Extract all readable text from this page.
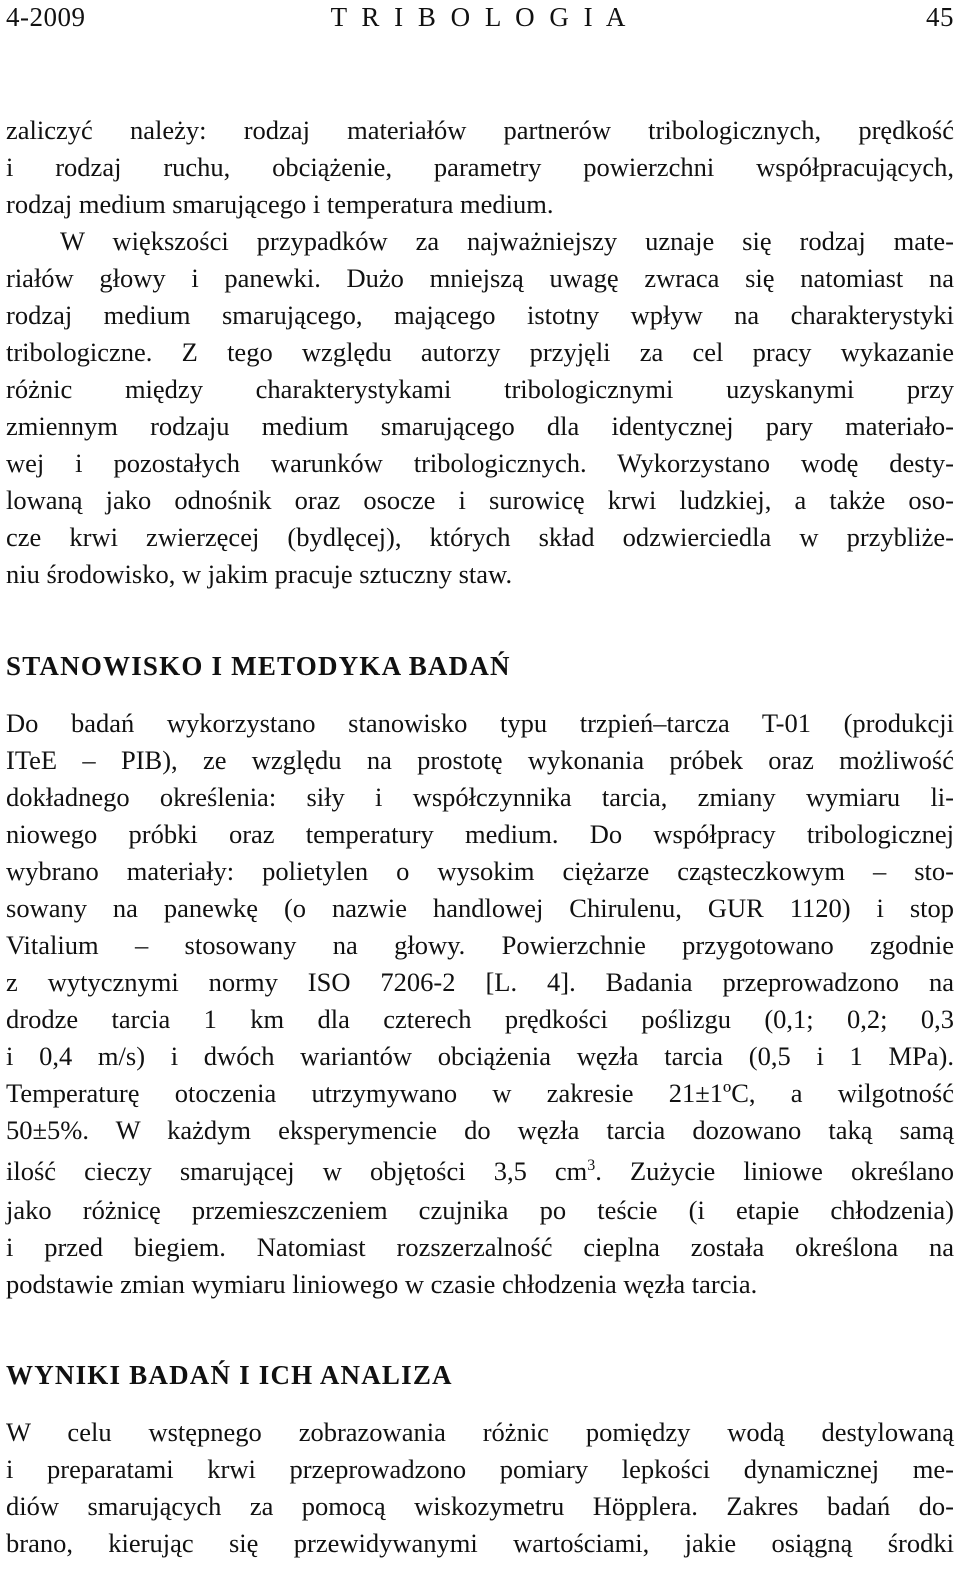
4-2009	T R I B O L O G I A	45
zaliczyć należy: rodzaj materiałów partnerów tribologicznych, prędkość
i rodzaj ruchu, obciążenie, parametry powierzchni współpracujących,
rodzaj medium smarującego i temperatura medium.
W większości przypadków za najważniejszy uznaje się rodzaj mate-
riałów głowy i panewki. Dużo mniejszą uwagę zwraca się natomiast na
rodzaj medium smarującego, mającego istotny wpływ na charakterystyki
tribologiczne. Z tego względu autorzy przyjęli za cel pracy wykazanie
różnic między charakterystykami tribologicznymi uzyskanymi przy
zmiennym rodzaju medium smarującego dla identycznej pary materiało-
wej i pozostałych warunków tribologicznych. Wykorzystano wodę desty-
lowaną jako odnośnik oraz osocze i surowicę krwi ludzkiej, a także oso-
cze krwi zwierzęcej (bydlęcej), których skład odzwierciedla w przybliże-
niu środowisko, w jakim pracuje sztuczny staw.
STANOWISKO I METODYKA BADAŃ
Do badań wykorzystano stanowisko typu trzpień–tarcza T-01 (produkcji
ITeE – PIB), ze względu na prostotę wykonania próbek oraz możliwość
dokładnego określenia: siły i współczynnika tarcia, zmiany wymiaru li-
niowego próbki oraz temperatury medium. Do współpracy tribologicznej
wybrano materiały: polietylen o wysokim ciężarze cząsteczkowym – sto-
sowany na panewkę (o nazwie handlowej Chirulenu, GUR 1120) i stop
Vitalium – stosowany na głowy. Powierzchnie przygotowano zgodnie
z wytycznymi normy ISO 7206-2 [L. 4]. Badania przeprowadzono na
drodze tarcia 1 km dla czterech prędkości poślizgu (0,1; 0,2; 0,3
i 0,4 m/s) i dwóch wariantów obciążenia węzła tarcia (0,5 i 1 MPa).
Temperaturę otoczenia utrzymywano w zakresie 21±1ºC, a wilgotność
50±5%. W każdym eksperymencie do węzła tarcia dozowano taką samą
ilość cieczy smarującej w objętości 3,5 $cm^3$. Zużycie liniowe określano
jako różnicę przemieszczeniem czujnika po teście (i etapie chłodzenia)
i przed biegiem. Natomiast rozszerzalność cieplna została określona na
podstawie zmian wymiaru liniowego w czasie chłodzenia węzła tarcia.
WYNIKI BADAŃ I ICH ANALIZA
W celu wstępnego zobrazowania różnic pomiędzy wodą destylowaną
i preparatami krwi przeprowadzono pomiary lepkości dynamicznej me-
diów smarujących za pomocą wiskozymetru Höpplera. Zakres badań do-
brano, kierując się przewidywanymi wartościami, jakie osiągną środki
